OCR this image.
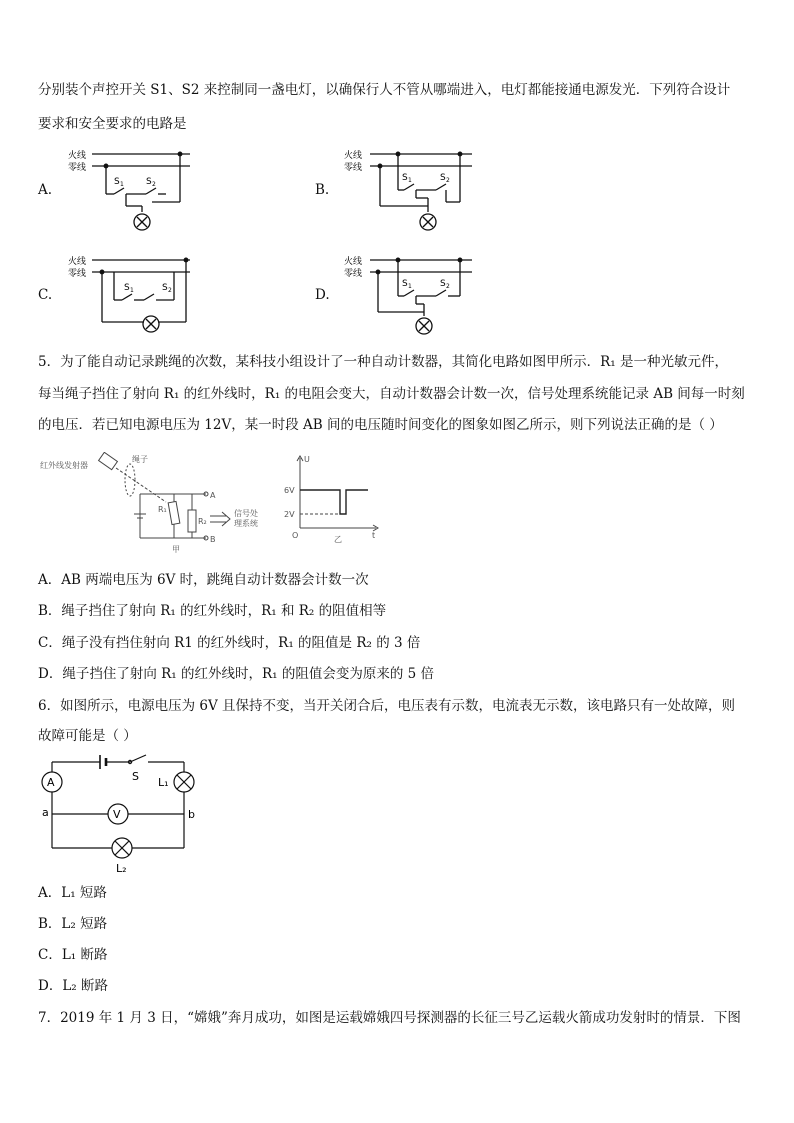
分别装个声控开关 S1、S2 来控制同一盏电灯，以确保行人不管从哪端进入，电灯都能接通电源发光．下列符合设计
要求和安全要求的电路是
A.	B.
C.	D.
火线
零线
S 1 S 2
火线
零线
S 1	S 2
火线
零线
S 1	S 2
火线
零线
S 1	S 2
5．为了能自动记录跳绳的次数，某科技小组设计了一种自动计数器，其简化电路如图甲所示．R₁ 是一种光敏元件，
每当绳子挡住了射向 R₁ 的红外线时，R₁ 的电阻会变大，自动计数器会计数一次，信号处理系统能记录 AB 间每一时刻
的电压．若已知电源电压为 12V，某一时段 AB 间的电压随时间变化的图象如图乙所示，则下列说法正确的是（ ）
红外线发射器
绳子
R₁
R₂
A
B
信号处
理系统
甲
U
6V
2V
O	t
乙
A．AB 两端电压为 6V 时，跳绳自动计数器会计数一次
B．绳子挡住了射向 R₁ 的红外线时，R₁ 和 R₂ 的阻值相等
C．绳子没有挡住射向 R1 的红外线时，R₁ 的阻值是 R₂ 的 3 倍
D．绳子挡住了射向 R₁ 的红外线时，R₁ 的阻值会变为原来的 5 倍
6．如图所示，电源电压为 6V 且保持不变，当开关闭合后，电压表有示数，电流表无示数，该电路只有一处故障，则
故障可能是（ ）
A
V
S L₁
L₂
a	b
A．L₁ 短路
B．L₂ 短路
C．L₁ 断路
D．L₂ 断路
7．2019 年 1 月 3 日，“嫦娥”奔月成功，如图是运载嫦娥四号探测器的长征三号乙运载火箭成功发射时的情景．下图
